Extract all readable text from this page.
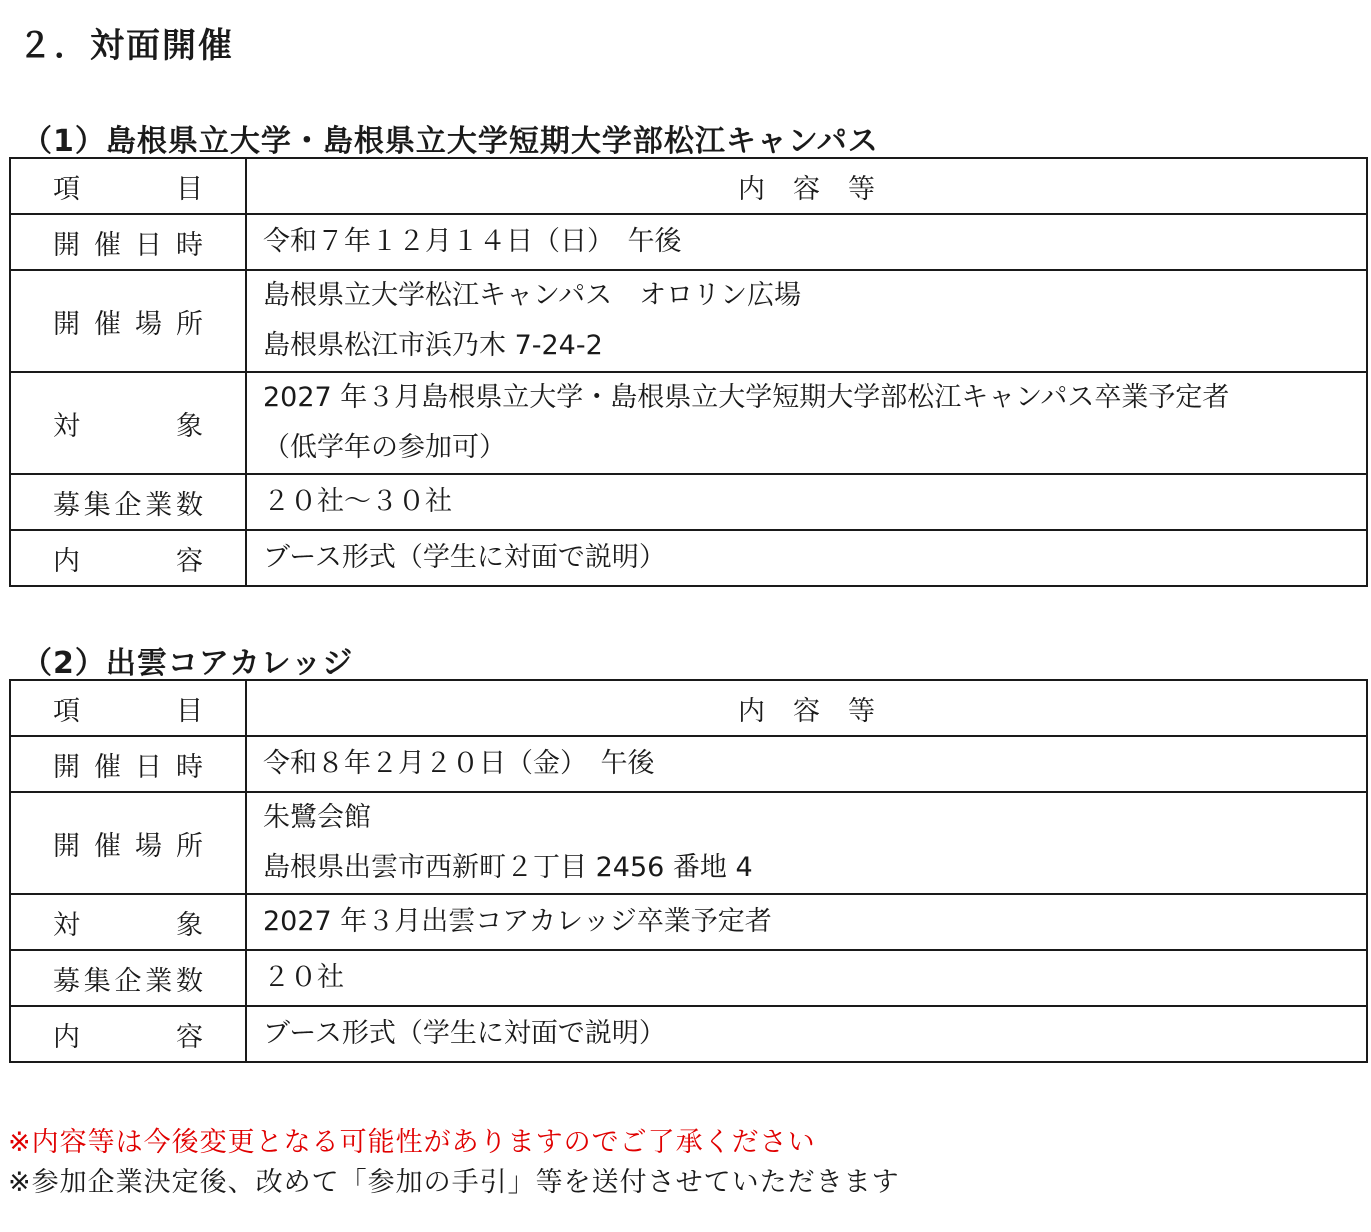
２．対面開催
（1）島根県立大学・島根県立大学短期大学部松江キャンパス
項 目	内容等

開 催 日 時	令和７年１２月１４日（日）　午後

開 催 場 所	島根県立大学松江キャンパス　オロリン広場
島根県松江市浜乃木 7-24-2

対 象	2027 年３月島根県立大学・島根県立大学短期大学部松江キャンパス卒業予定者
（低学年の参加可）

募 集 企 業 数	２０社～３０社

内 容	ブース形式（学生に対面で説明）
（2）出雲コアカレッジ
項 目	内容等

開 催 日 時	令和８年２月２０日（金）　午後

開 催 場 所	朱鷺会館
島根県出雲市西新町２丁目 2456 番地 4

対 象	2027 年３月出雲コアカレッジ卒業予定者

募 集 企 業 数	２０社

内 容	ブース形式（学生に対面で説明）

※内容等は今後変更となる可能性がありますのでご了承ください

※参加企業決定後、改めて「参加の手引」等を送付させていただきます
